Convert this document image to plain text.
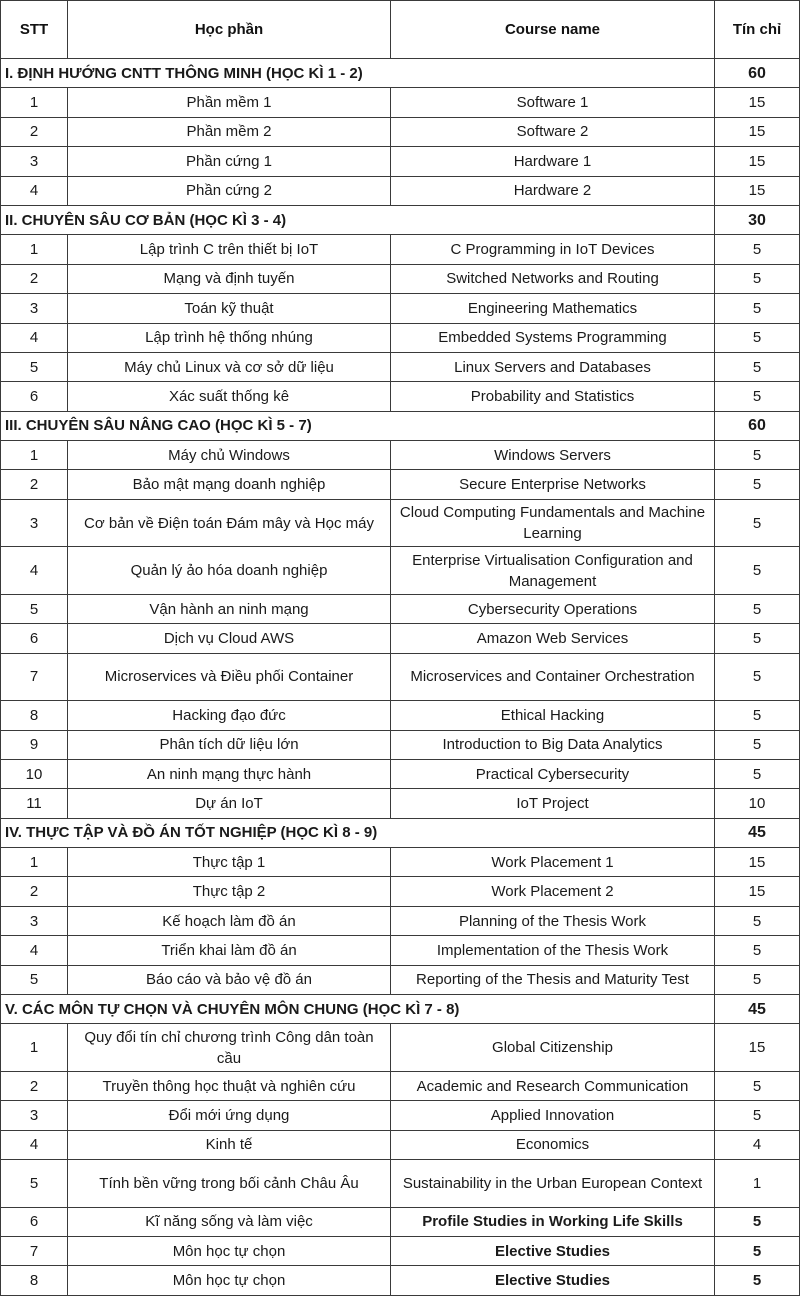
STT	Học phần	Course name	Tín chỉ
I. ĐỊNH HƯỚNG CNTT THÔNG MINH (HỌC KÌ 1 - 2)			60
1	Phần mềm 1	Software 1	15
2	Phần mềm 2	Software 2	15
3	Phần cứng 1	Hardware 1	15
4	Phần cứng 2	Hardware 2	15
II. CHUYÊN SÂU CƠ BẢN (HỌC KÌ 3 - 4)			30
1	Lập trình C trên thiết bị IoT	C Programming in IoT Devices	5
2	Mạng và định tuyến	Switched Networks and Routing	5
3	Toán kỹ thuật	Engineering Mathematics	5
4	Lập trình hệ thống nhúng	Embedded Systems Programming	5
5	Máy chủ Linux và cơ sở dữ liệu	Linux Servers and Databases	5
6	Xác suất thống kê	Probability and Statistics	5
III. CHUYÊN SÂU NÂNG CAO (HỌC KÌ 5 - 7)			60
1	Máy chủ Windows	Windows Servers	5
2	Bảo mật mạng doanh nghiệp	Secure Enterprise Networks	5
3	Cơ bản về Điện toán Đám mây và Học máy	Cloud Computing Fundamentals and Machine Learning	5
4	Quản lý ảo hóa doanh nghiệp	Enterprise Virtualisation Configuration and Management	5
5	Vận hành an ninh mạng	Cybersecurity Operations	5
6	Dịch vụ Cloud AWS	Amazon Web Services	5
7	Microservices và Điều phối Container	Microservices and Container Orchestration	5
8	Hacking đạo đức	Ethical Hacking	5
9	Phân tích dữ liệu lớn	Introduction to Big Data Analytics	5
10	An ninh mạng thực hành	Practical Cybersecurity	5
11	Dự án IoT	IoT Project	10
IV. THỰC TẬP VÀ ĐỒ ÁN TỐT NGHIỆP (HỌC KÌ 8 - 9)			45
1	Thực tập 1	Work Placement 1	15
2	Thực tập 2	Work Placement 2	15
3	Kế hoạch làm đồ án	Planning of the Thesis Work	5
4	Triển khai làm đồ án	Implementation of the Thesis Work	5
5	Báo cáo và bảo vệ đồ án	Reporting of the Thesis and Maturity Test	5
V. CÁC MÔN TỰ CHỌN VÀ CHUYÊN MÔN CHUNG (HỌC KÌ 7 - 8)			45
1	Quy đổi tín chỉ chương trình Công dân toàn cầu	Global Citizenship	15
2	Truyền thông học thuật và nghiên cứu	Academic and Research Communication	5
3	Đổi mới ứng dụng	Applied Innovation	5
4	Kinh tế	Economics	4
5	Tính bền vững trong bối cảnh Châu Âu	Sustainability in the Urban European Context	1
6	Kĩ năng sống và làm việc	Profile Studies in Working Life Skills	5
7	Môn học tự chọn	Elective Studies	5
8	Môn học tự chọn	Elective Studies	5
